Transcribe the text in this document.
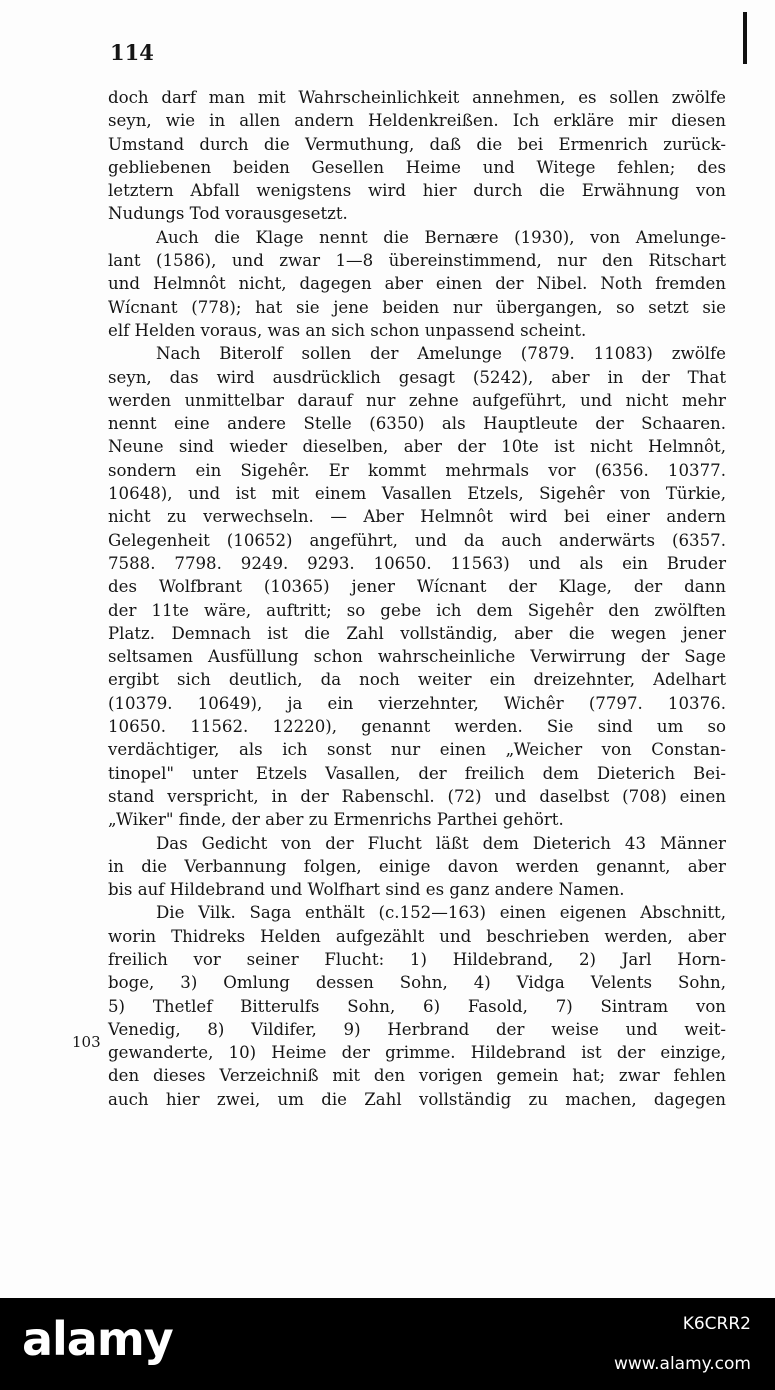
114
103
doch darf man mit Wahrscheinlichkeit annehmen, es sollen zwölfe
seyn, wie in allen andern Heldenkreißen. Ich erkläre mir diesen
Umstand durch die Vermuthung, daß die bei Ermenrich zurück-
gebliebenen beiden Gesellen Heime und Witege fehlen; des
letztern Abfall wenigstens wird hier durch die Erwähnung von
Nudungs Tod vorausgesetzt.
Auch die Klage nennt die Bernære (1930), von Amelunge-
lant (1586), und zwar 1—8 übereinstimmend, nur den Ritschart
und Helmnôt nicht, dagegen aber einen der Nibel. Noth fremden
Wícnant (778); hat sie jene beiden nur übergangen, so setzt sie
elf Helden voraus, was an sich schon unpassend scheint.
Nach Biterolf sollen der Amelunge (7879. 11083) zwölfe
seyn, das wird ausdrücklich gesagt (5242), aber in der That
werden unmittelbar darauf nur zehne aufgeführt, und nicht mehr
nennt eine andere Stelle (6350) als Hauptleute der Schaaren.
Neune sind wieder dieselben, aber der 10te ist nicht Helmnôt,
sondern ein Sigehêr. Er kommt mehrmals vor (6356. 10377.
10648), und ist mit einem Vasallen Etzels, Sigehêr von Türkie,
nicht zu verwechseln. — Aber Helmnôt wird bei einer andern
Gelegenheit (10652) angeführt, und da auch anderwärts (6357.
7588. 7798. 9249. 9293. 10650. 11563) und als ein Bruder
des Wolfbrant (10365) jener Wícnant der Klage, der dann
der 11te wäre, auftritt; so gebe ich dem Sigehêr den zwölften
Platz. Demnach ist die Zahl vollständig, aber die wegen jener
seltsamen Ausfüllung schon wahrscheinliche Verwirrung der Sage
ergibt sich deutlich, da noch weiter ein dreizehnter, Adelhart
(10379. 10649), ja ein vierzehnter, Wichêr (7797. 10376.
10650. 11562. 12220), genannt werden. Sie sind um so
verdächtiger, als ich sonst nur einen „Weicher von Constan-
tinopel" unter Etzels Vasallen, der freilich dem Dieterich Bei-
stand verspricht, in der Rabenschl. (72) und daselbst (708) einen
„Wiker" finde, der aber zu Ermenrichs Parthei gehört.
Das Gedicht von der Flucht läßt dem Dieterich 43 Männer
in die Verbannung folgen, einige davon werden genannt, aber
bis auf Hildebrand und Wolfhart sind es ganz andere Namen.
Die Vilk. Saga enthält (c.152—163) einen eigenen Abschnitt,
worin Thidreks Helden aufgezählt und beschrieben werden, aber
freilich vor seiner Flucht: 1) Hildebrand, 2) Jarl Horn-
boge, 3) Omlung dessen Sohn, 4) Vidga Velents Sohn,
5) Thetlef Bitterulfs Sohn, 6) Fasold, 7) Sintram von
Venedig, 8) Vildifer, 9) Herbrand der weise und weit-
gewanderte, 10) Heime der grimme. Hildebrand ist der einzige,
den dieses Verzeichniß mit den vorigen gemein hat; zwar fehlen
auch hier zwei, um die Zahl vollständig zu machen, dagegen
alamy	K6CRR2
www.alamy.com
